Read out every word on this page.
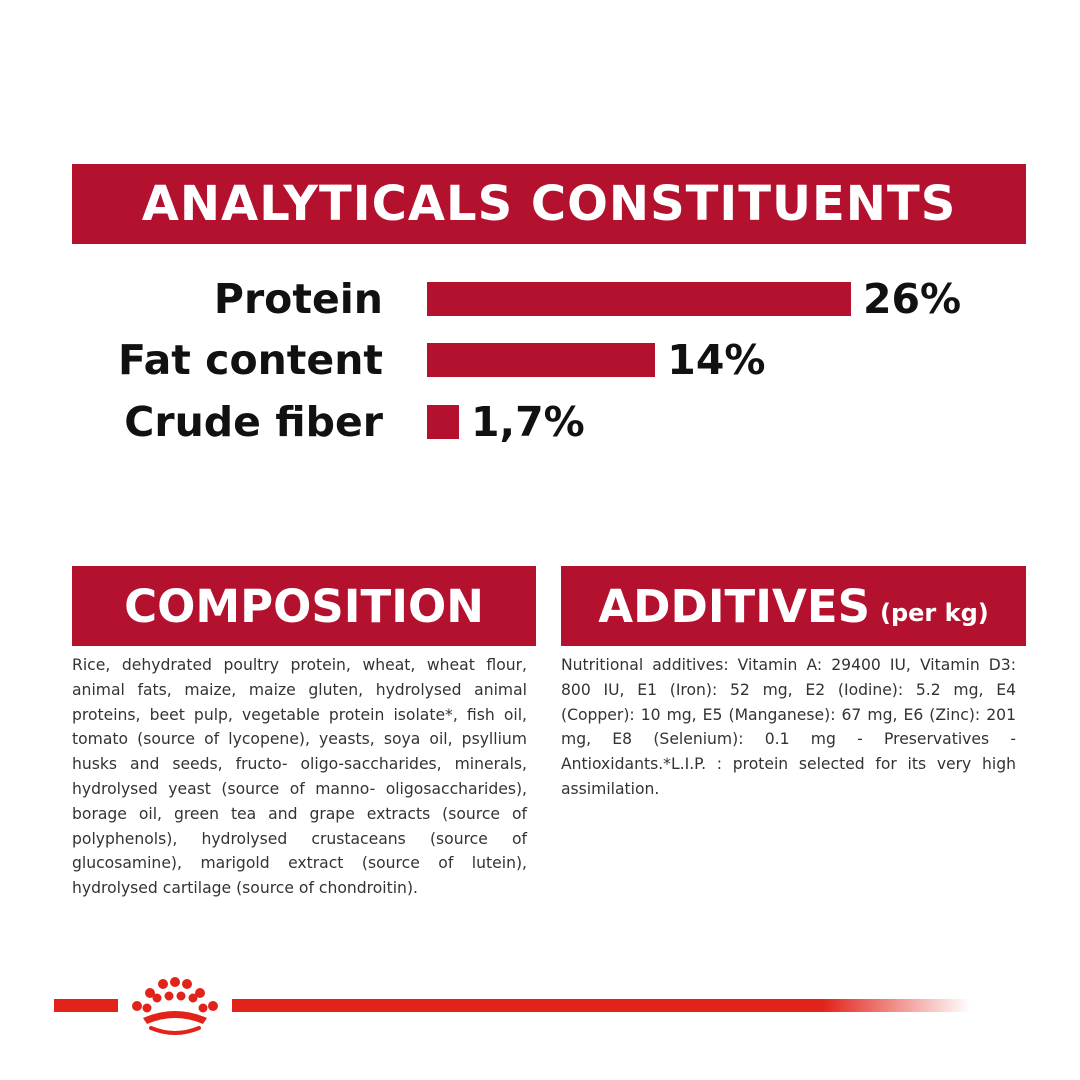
ANALYTICALS CONSTITUENTS
Protein	26%
Fat content	14%
Crude fiber 1,7%
COMPOSITION

Rice, dehydrated poultry protein, wheat, wheat flour, animal fats, maize, maize gluten, hydrolysed animal proteins, beet pulp, vegetable protein isolate*, fish oil, tomato (source of lycopene), yeasts, soya oil, psyllium husks and seeds, fructo- oligo-saccharides, minerals, hydrolysed yeast (source of manno- oligosaccharides), borage oil, green tea and grape extracts (source of polyphenols), hydrolysed crustaceans (source of glucosamine), marigold extract (source of lutein), hydrolysed cartilage (source of chondroitin).

ADDITIVES (per kg)

Nutritional additives: Vitamin A: 29400 IU, Vitamin D3: 800 IU, E1 (Iron): 52 mg, E2 (Iodine): 5.2 mg, E4 (Copper): 10 mg, E5 (Manganese): 67 mg, E6 (Zinc): 201 mg, E8 (Selenium): 0.1 mg - Preservatives - Antioxidants.*L.I.P. : protein selected for its very high assimilation.
